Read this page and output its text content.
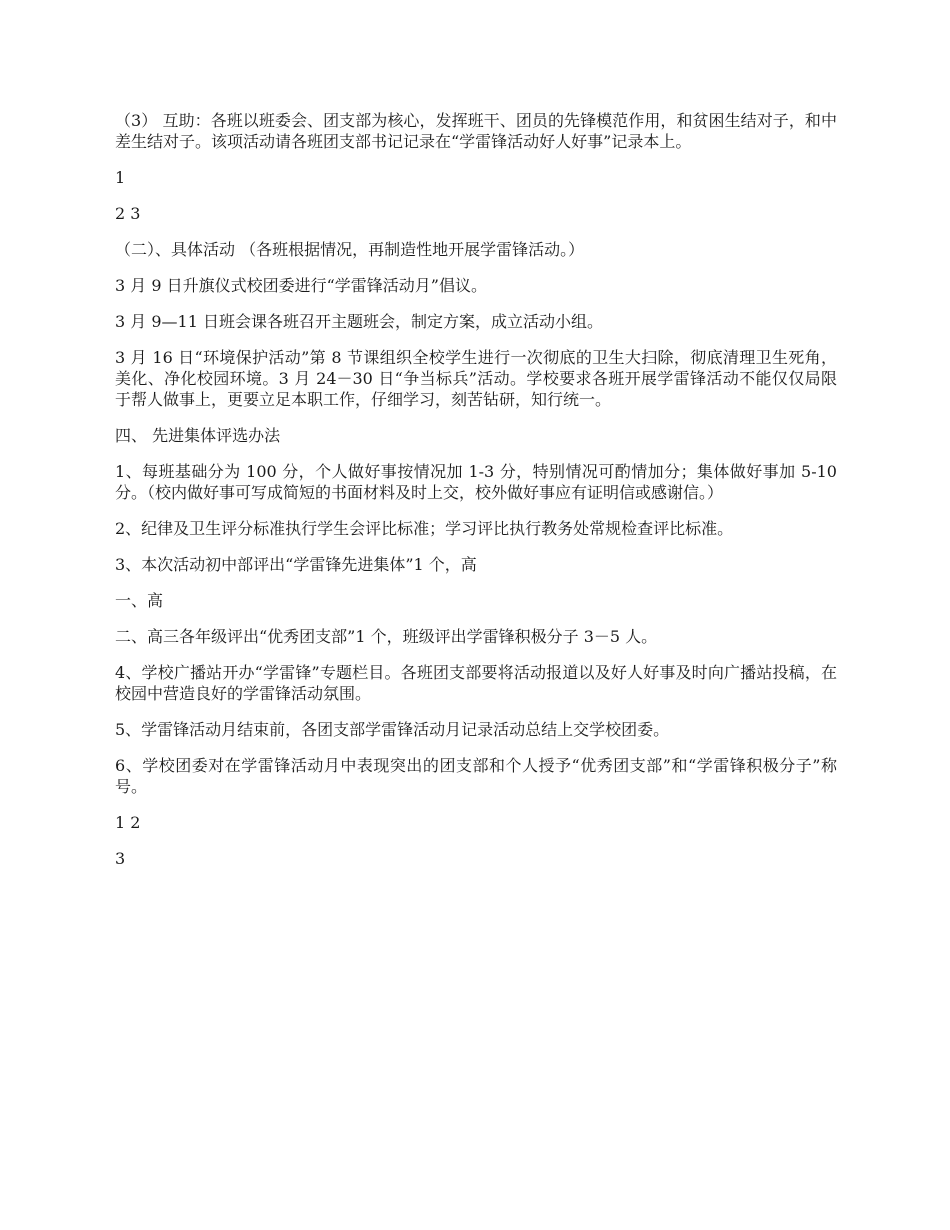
（3） 互助：各班以班委会、团支部为核心，发挥班干、团员的先锋模范作用，和贫困生结对子，和中差生结对子。该项活动请各班团支部书记记录在“学雷锋活动好人好事”记录本上。

1

2 3

（二）、具体活动 （各班根据情况，再制造性地开展学雷锋活动。）

3 月 9 日升旗仪式校团委进行“学雷锋活动月”倡议。

3 月 9—11 日班会课各班召开主题班会，制定方案，成立活动小组。

3 月 16 日“环境保护活动”第 8 节课组织全校学生进行一次彻底的卫生大扫除，彻底清理卫生死角，美化、净化校园环境。3 月 24－30 日“争当标兵”活动。学校要求各班开展学雷锋活动不能仅仅局限于帮人做事上，更要立足本职工作，仔细学习，刻苦钻研，知行统一。

四、 先进集体评选办法

1、每班基础分为 100 分，个人做好事按情况加 1-3 分，特别情况可酌情加分；集体做好事加 5-10 分。（校内做好事可写成简短的书面材料及时上交，校外做好事应有证明信或感谢信。）

2、纪律及卫生评分标准执行学生会评比标准；学习评比执行教务处常规检查评比标准。

3、本次活动初中部评出“学雷锋先进集体”1 个，高

一、高

二、高三各年级评出“优秀团支部”1 个，班级评出学雷锋积极分子 3－5 人。

4、学校广播站开办“学雷锋”专题栏目。各班团支部要将活动报道以及好人好事及时向广播站投稿，在校园中营造良好的学雷锋活动氛围。

5、学雷锋活动月结束前，各团支部学雷锋活动月记录活动总结上交学校团委。

6、学校团委对在学雷锋活动月中表现突出的团支部和个人授予“优秀团支部”和“学雷锋积极分子”称号。

1 2

3
